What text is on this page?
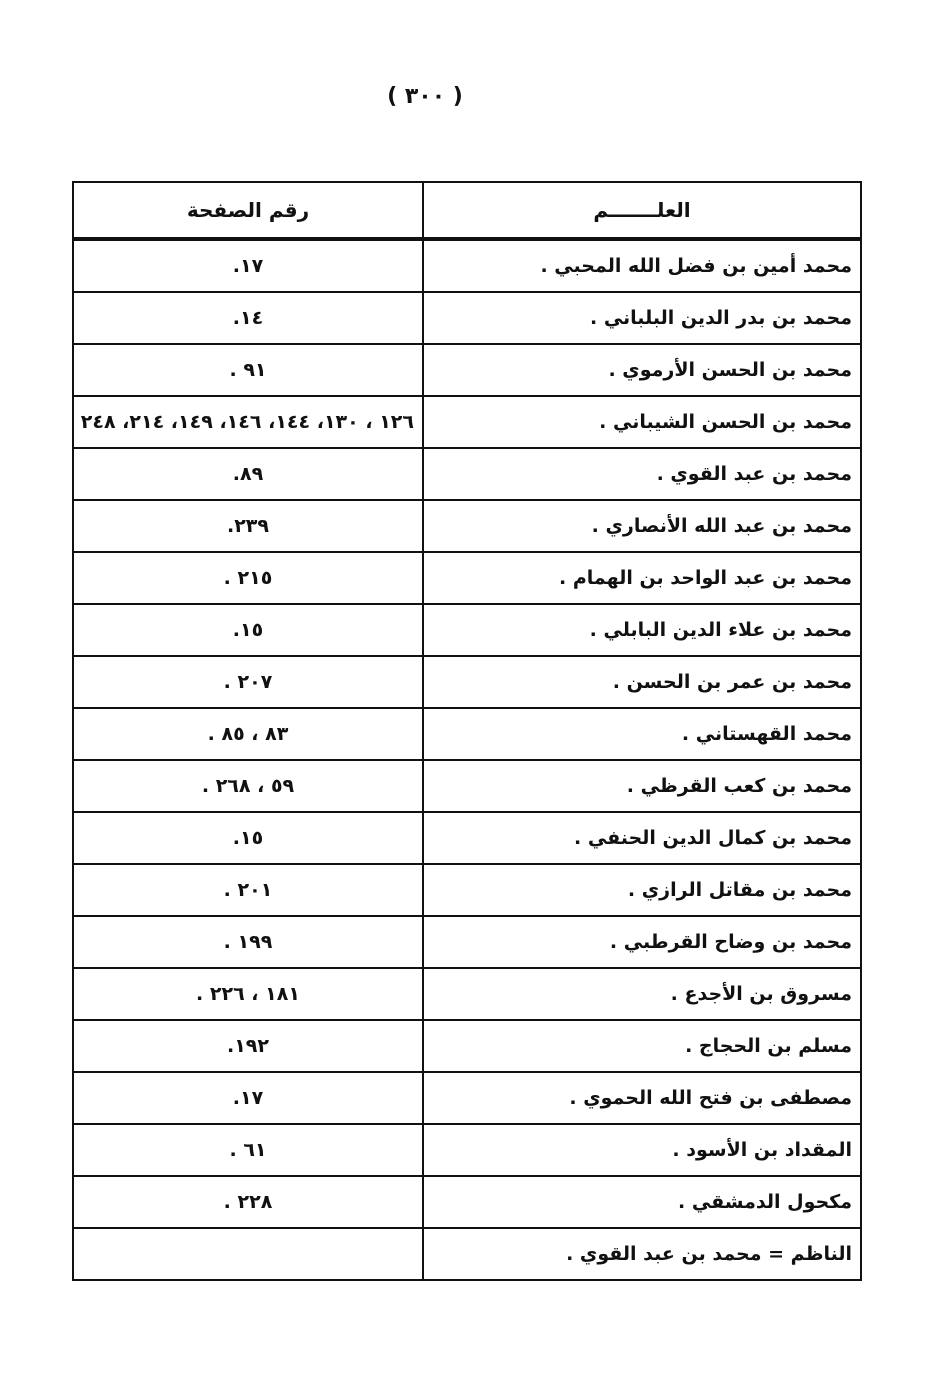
( ٣٠٠ )
العلـــــــم	رقم الصفحة
محمد أمين بن فضل الله المحبي .	١٧.
محمد بن بدر الدين البلباني .	١٤.
محمد بن الحسن الأرموي .	٩١ .
محمد بن الحسن الشيباني .	١٢٦ ، ١٣٠، ١٤٤، ١٤٦، ١٤٩، ٢١٤، ٢٤٨
محمد بن عبد القوي .	٨٩.
محمد بن عبد الله الأنصاري .	٢٣٩.
محمد بن عبد الواحد بن الهمام .	٢١٥ .
محمد بن علاء الدين البابلي .	١٥.
محمد بن عمر بن الحسن .	٢٠٧ .
محمد القهستاني .	٨٣ ، ٨٥ .
محمد بن كعب القرظي .	٥٩ ، ٢٦٨ .
محمد بن كمال الدين الحنفي .	١٥.
محمد بن مقاتل الرازي .	٢٠١ .
محمد بن وضاح القرطبي .	١٩٩ .
مسروق بن الأجدع .	١٨١ ، ٢٢٦ .
مسلم بن الحجاج .	١٩٢.
مصطفى بن فتح الله الحموي .	١٧.
المقداد بن الأسود .	٦١ .
مكحول الدمشقي .	٢٢٨ .
الناظم = محمد بن عبد القوي .	
